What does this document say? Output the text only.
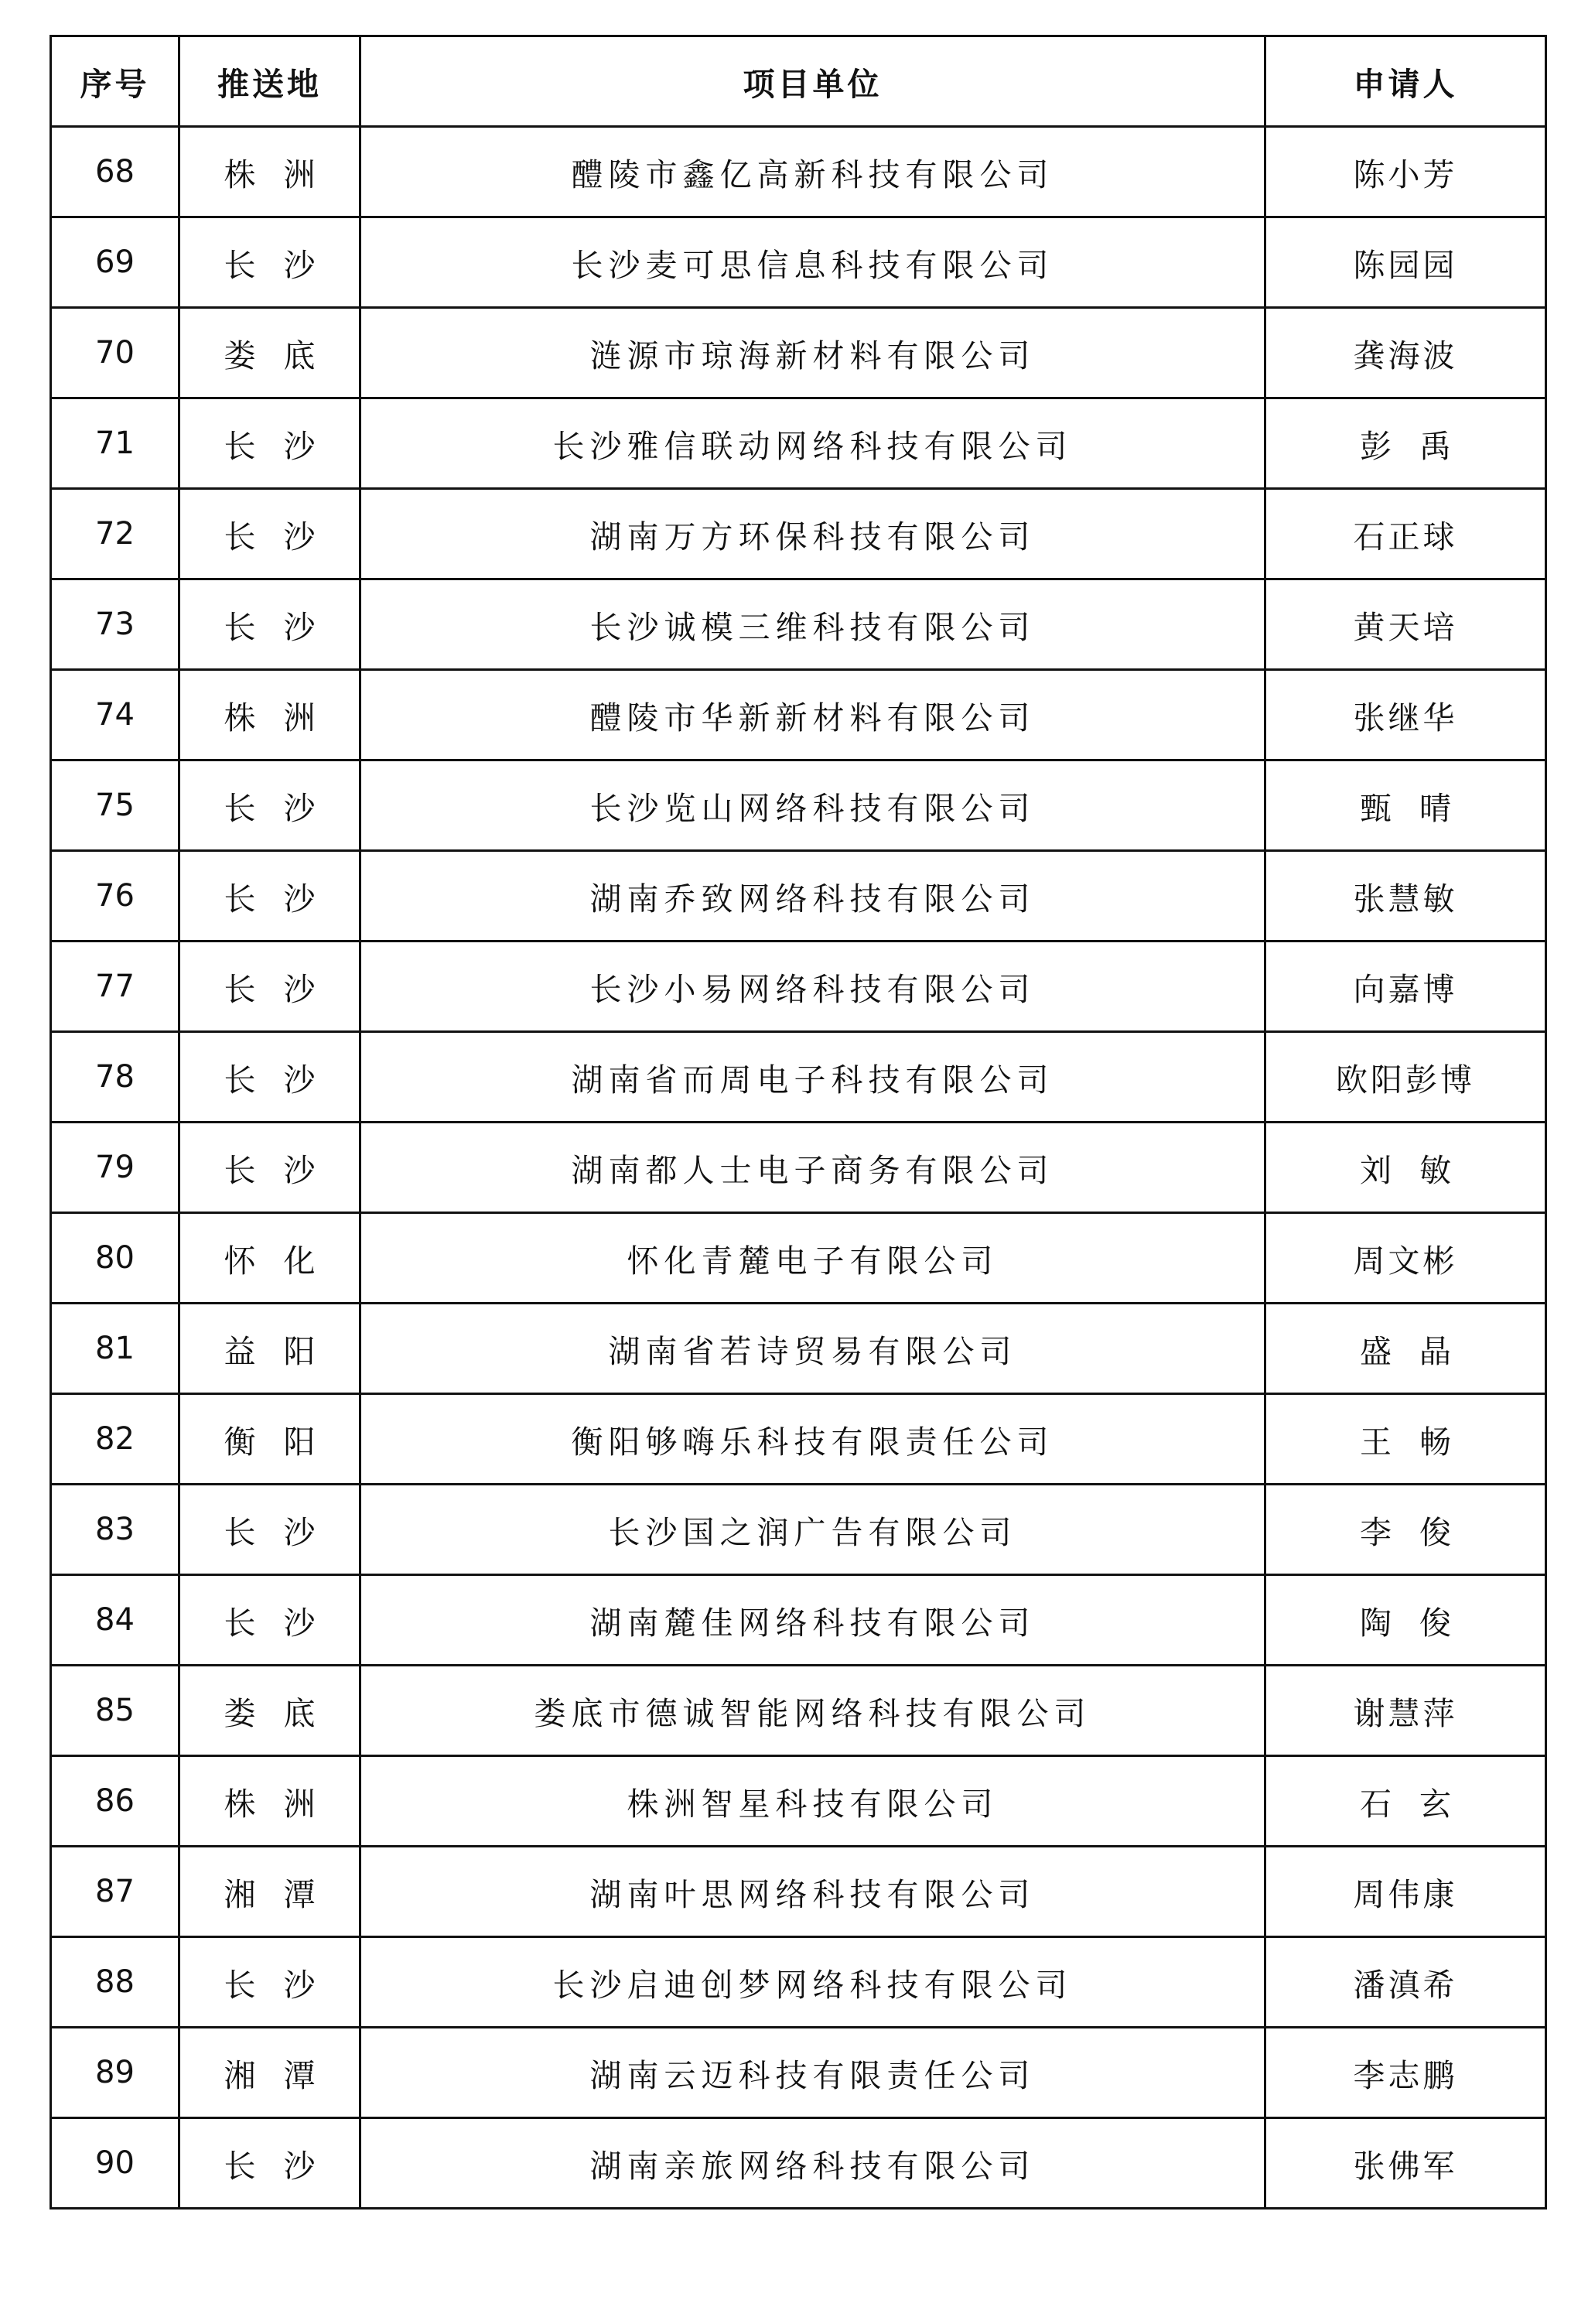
序号	推送地	项目单位	申请人
68	株洲	醴陵市鑫亿高新科技有限公司	陈小芳
69	长沙	长沙麦可思信息科技有限公司	陈园园
70	娄底	涟源市琼海新材料有限公司	龚海波
71	长沙	长沙雅信联动网络科技有限公司	彭禹
72	长沙	湖南万方环保科技有限公司	石正球
73	长沙	长沙诚模三维科技有限公司	黄天培
74	株洲	醴陵市华新新材料有限公司	张继华
75	长沙	长沙览山网络科技有限公司	甄晴
76	长沙	湖南乔致网络科技有限公司	张慧敏
77	长沙	长沙小易网络科技有限公司	向嘉博
78	长沙	湖南省而周电子科技有限公司	欧阳彭博
79	长沙	湖南都人士电子商务有限公司	刘敏
80	怀化	怀化青麓电子有限公司	周文彬
81	益阳	湖南省若诗贸易有限公司	盛晶
82	衡阳	衡阳够嗨乐科技有限责任公司	王畅
83	长沙	长沙国之润广告有限公司	李俊
84	长沙	湖南麓佳网络科技有限公司	陶俊
85	娄底	娄底市德诚智能网络科技有限公司	谢慧萍
86	株洲	株洲智星科技有限公司	石玄
87	湘潭	湖南叶思网络科技有限公司	周伟康
88	长沙	长沙启迪创梦网络科技有限公司	潘滇希
89	湘潭	湖南云迈科技有限责任公司	李志鹏
90	长沙	湖南亲旅网络科技有限公司	张佛军
